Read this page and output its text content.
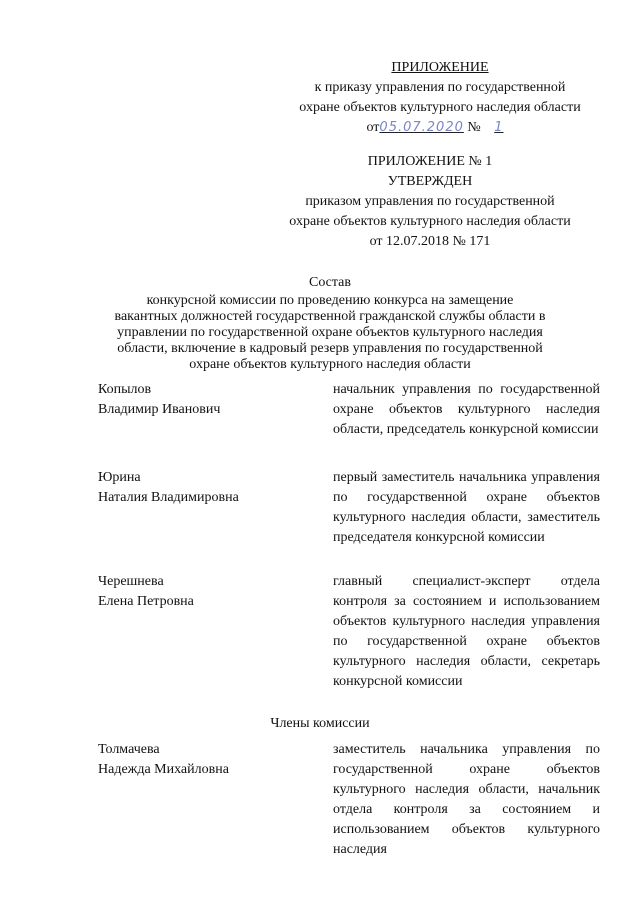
ПРИЛОЖЕНИЕ
к приказу управления по государственной
охране объектов культурного наследия области
от05.07.2020 № 1
ПРИЛОЖЕНИЕ № 1
УТВЕРЖДЕН
приказом управления по государственной
охране объектов культурного наследия области
от 12.07.2018 № 171
Состав
конкурсной комиссии по проведению конкурса на замещение
вакантных должностей государственной гражданской службы области в
управлении по государственной охране объектов культурного наследия
области, включение в кадровый резерв управления по государственной
охране объектов культурного наследия области
Копылов
Владимир Иванович
начальник управления по государственной охране объектов культурного наследия области, председатель конкурсной комиссии
Юрина
Наталия Владимировна
первый заместитель начальника управления по государственной охране объектов культурного наследия области, заместитель председателя конкурсной комиссии
Черешнева
Елена Петровна
главный специалист-эксперт отдела контроля за состоянием и использованием объектов культурного наследия управления по государственной охране объектов культурного наследия области, секретарь конкурсной комиссии
Члены комиссии
Толмачева
Надежда Михайловна
заместитель начальника управления по государственной охране объектов культурного наследия области, начальник отдела контроля за состоянием и использованием объектов культурного наследия
